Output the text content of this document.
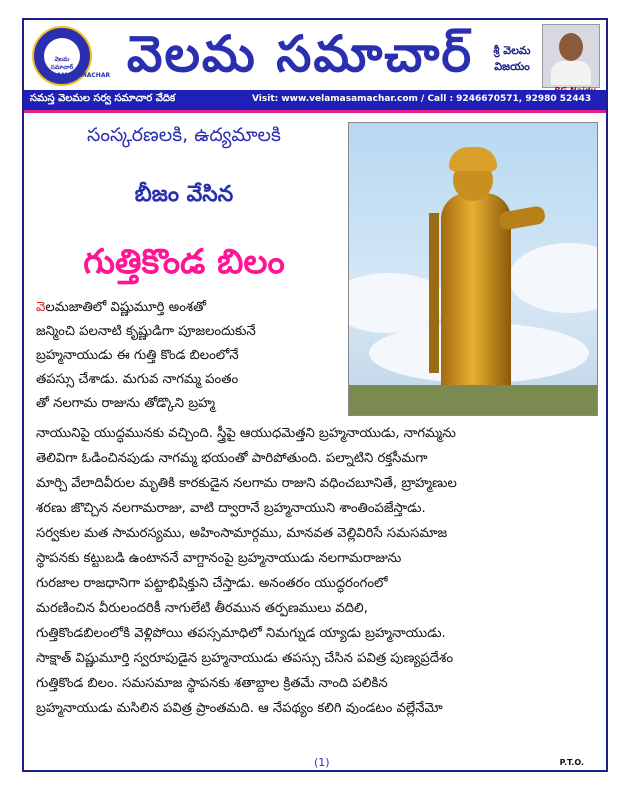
వెలమ సమాచార్ VELAMASAMACHAR వెలమ సమాచార్	శ్రీ వెలమ విజయం
సమస్త వెలమల సర్వ సమాచార వేదిక	Visit: www.velamasamachar.com / Call : 9246670571, 92980 52443
సంస్కరణలకి, ఉద్యమాలకి
బీజం వేసిన
గుత్తికొండ బిలం
వెలమజాతిలో విష్ణుమూర్తి అంశతో
జన్మించి పలనాటి కృష్ణుడిగా పూజలందుకునే
బ్రహ్మనాయుడు ఈ గుత్తి కొండ బిలంలోనే
తపస్సు చేశాడు. మగువ నాగమ్మ పంతం
తో నలగామ రాజును తోడ్కొని బ్రహ్మ
నాయునిపై యుద్ధమునకు వచ్చింది. స్త్రీపై ఆయుధమెత్తని బ్రహ్మనాయుడు, నాగమ్మను
తెలివిగా ఓడించినపుడు నాగమ్మ భయంతో పారిపోతుంది. పల్నాటిని రక్తసీమగా
మార్చి వేలాదివీరుల మృతికి కారకుడైన నలగామ రాజుని వధించబూనితే, బ్రాహ్మణుల
శరణు జొచ్చిన నలగామరాజు, వాటి ద్వారానే బ్రహ్మనాయుని శాంతింపజేస్తాడు.
సర్వకుల మత సామరస్యము, అహింసామార్గము, మానవత వెల్లివిరిసే సమసమాజ
స్థాపనకు కట్టుబడి ఉంటాననే వాగ్దానంపై బ్రహ్మనాయుడు నలగామరాజును
గురజాల రాజధానిగా పట్టాభిషిక్తుని చేస్తాడు. అనంతరం యుద్ధరంగంలో
మరణించిన వీరులందరికీ నాగులేటి తీరమున తర్పణములు వదిలి,
గుత్తికొండబిలంలోకి వెళ్లిపోయి తపస్సమాధిలో నిమగ్నుడ య్యాడు బ్రహ్మనాయుడు.
సాక్షాత్ విష్ణుమూర్తి స్వరూపుడైన బ్రహ్మనాయుడు తపస్సు చేసిన పవిత్ర పుణ్యప్రదేశం
గుత్తికొండ బిలం. సమసమాజ స్థాపనకు శతాబ్దాల క్రితమే నాంది పలికిన
బ్రహ్మనాయుడు మసిలిన పవిత్ర ప్రాంతమది. ఆ నేపథ్యం కలిగి వుండటం వల్లేనేమో
(1)	P.T.O.
